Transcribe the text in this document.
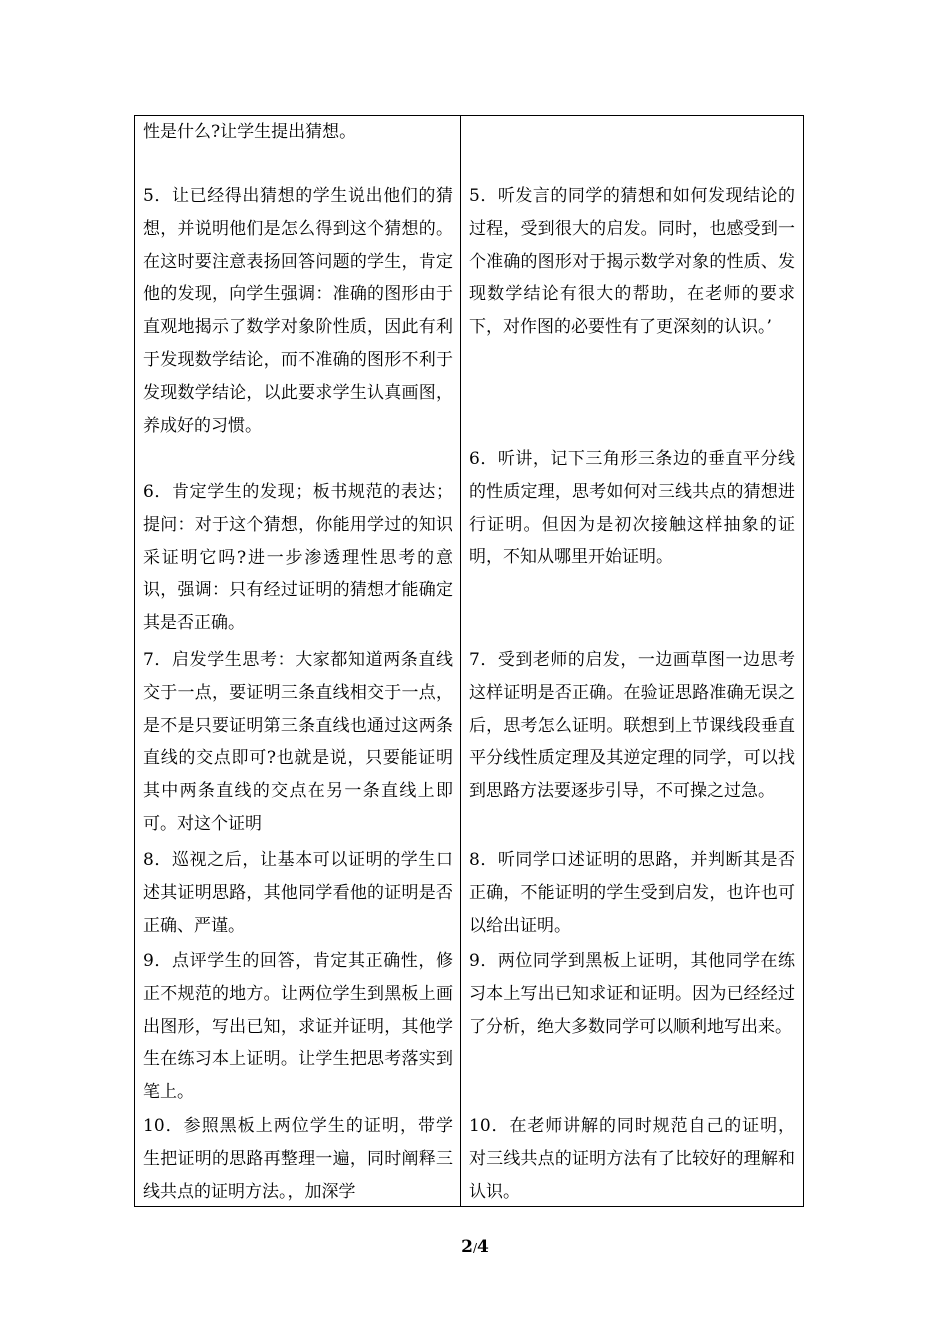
性是什么?让学生提出猜想。

5．让已经得出猜想的学生说出他们的猜想，并说明他们是怎么得到这个猜想的。在这时要注意表扬回答问题的学生，肯定他的发现，向学生强调：准确的图形由于直观地揭示了数学对象阶性质，因此有利于发现数学结论，而不准确的图形不利于发现数学结论，以此要求学生认真画图，养成好的习惯。

6．肯定学生的发现；板书规范的表达；提问：对于这个猜想，你能用学过的知识采证明它吗?进一步渗透理性思考的意识，强调：只有经过证明的猜想才能确定其是否正确。

7．启发学生思考：大家都知道两条直线交于一点，要证明三条直线相交于一点，是不是只要证明第三条直线也通过这两条直线的交点即可?也就是说，只要能证明其中两条直线的交点在另一条直线上即可。对这个证明

8．巡视之后，让基本可以证明的学生口述其证明思路，其他同学看他的证明是否正确、严谨。

9．点评学生的回答，肯定其正确性，修正不规范的地方。让两位学生到黑板上画出图形，写出已知，求证并证明，其他学生在练习本上证明。让学生把思考落实到笔上。

10．参照黑板上两位学生的证明，带学生把证明的思路再整理一遍，同时阐释三线共点的证明方法。，加深学

5．听发言的同学的猜想和如何发现结论的过程，受到很大的启发。同时，也感受到一个准确的图形对于揭示数学对象的性质、发现数学结论有很大的帮助，在老师的要求下，对作图的必要性有了更深刻的认识。’

6．听讲，记下三角形三条边的垂直平分线的性质定理，思考如何对三线共点的猜想进行证明。但因为是初次接触这样抽象的证明，不知从哪里开始证明。

7．受到老师的启发，一边画草图一边思考这样证明是否正确。在验证思路准确无误之后，思考怎么证明。联想到上节课线段垂直平分线性质定理及其逆定理的同学，可以找到思路方法要逐步引导，不可操之过急。

8．听同学口述证明的思路，并判断其是否正确，不能证明的学生受到启发，也许也可以给出证明。

9．两位同学到黑板上证明，其他同学在练习本上写出已知求证和证明。因为已经经过了分析，绝大多数同学可以顺利地写出来。

10．在老师讲解的同时规范自己的证明，对三线共点的证明方法有了比较好的理解和认识。

2/4
